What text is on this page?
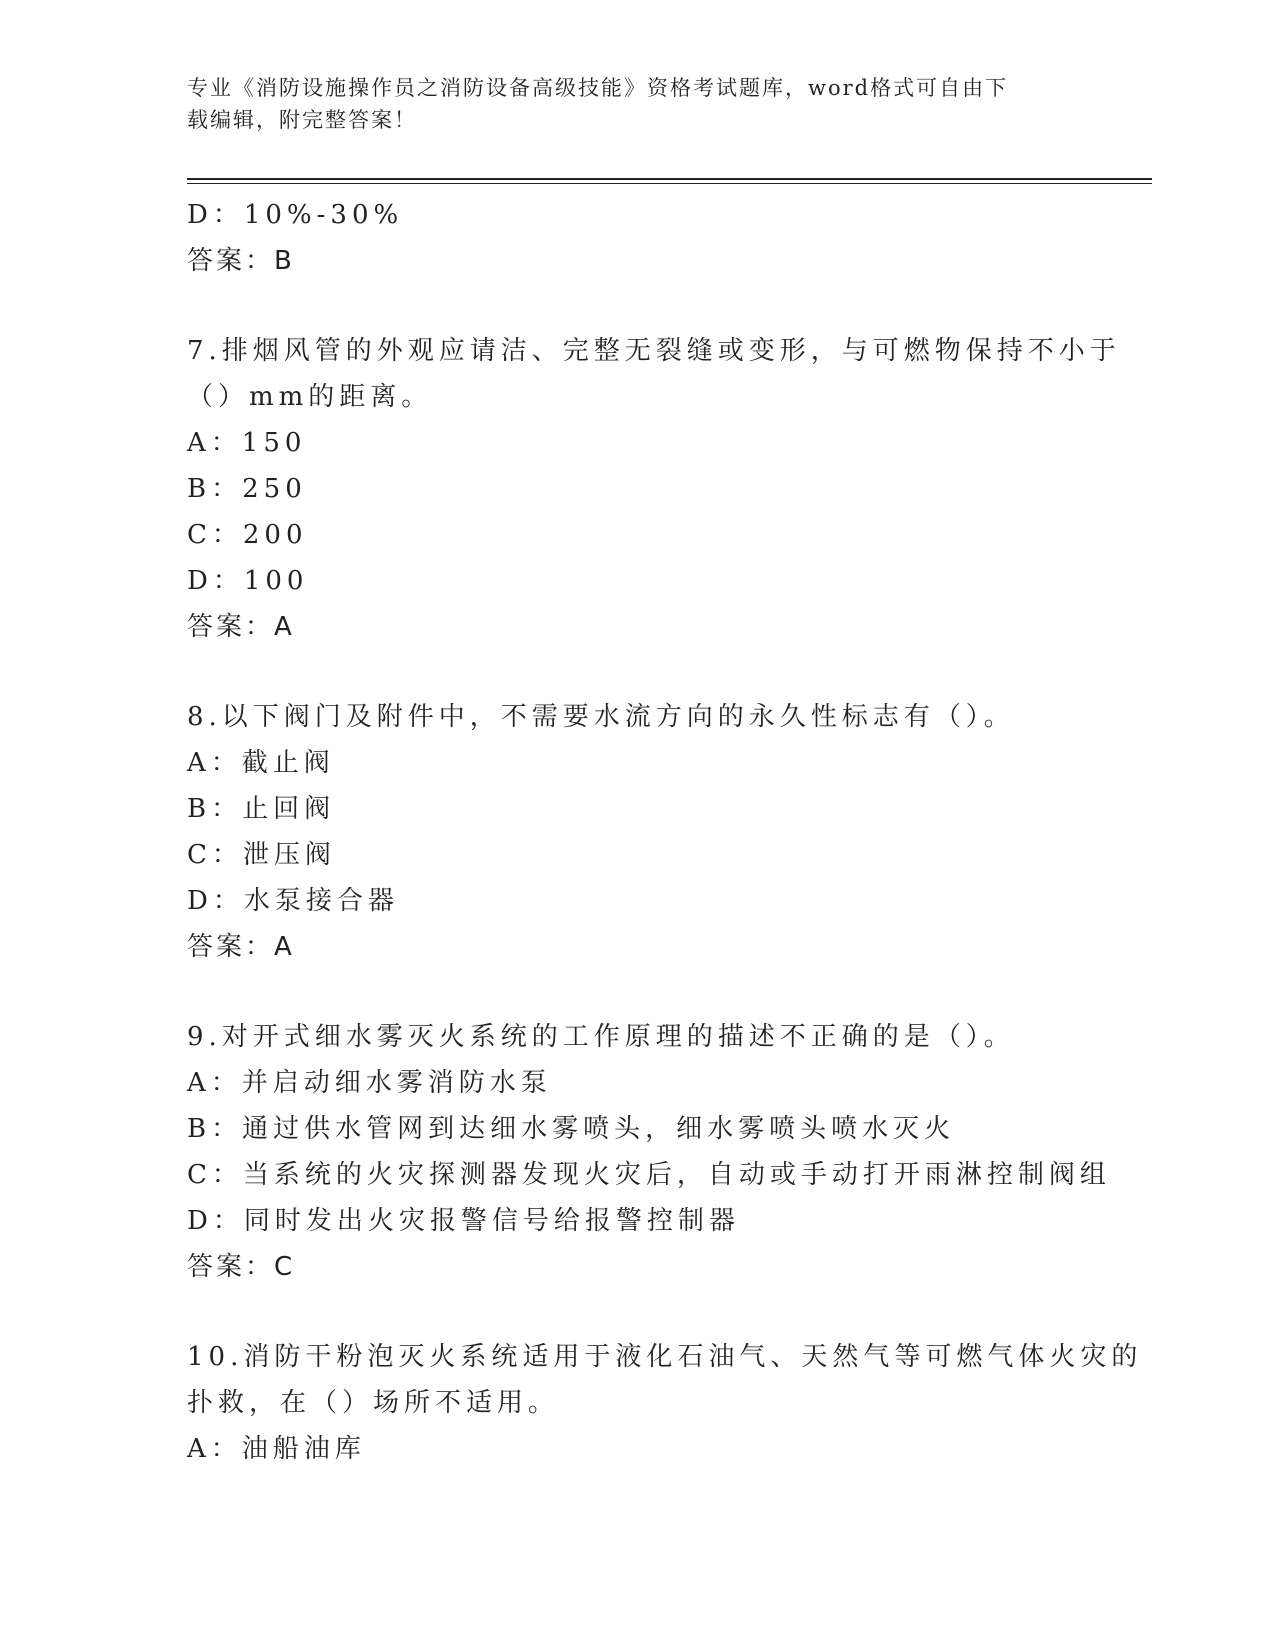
专业《消防设施操作员之消防设备高级技能》资格考试题库，word格式可自由下
载编辑，附完整答案！
D：10%-30%
答案：B
7.排烟风管的外观应请洁、完整无裂缝或变形，与可燃物保持不小于
（）mm的距离。
A：150
B：250
C：200
D：100
答案：A
8.以下阀门及附件中，不需要水流方向的永久性标志有（）。
A：截止阀
B：止回阀
C：泄压阀
D：水泵接合器
答案：A
9.对开式细水雾灭火系统的工作原理的描述不正确的是（）。
A：并启动细水雾消防水泵
B：通过供水管网到达细水雾喷头，细水雾喷头喷水灭火
C：当系统的火灾探测器发现火灾后，自动或手动打开雨淋控制阀组
D：同时发出火灾报警信号给报警控制器
答案：C
10.消防干粉泡灭火系统适用于液化石油气、天然气等可燃气体火灾的
扑救，在（）场所不适用。
A：油船油库
